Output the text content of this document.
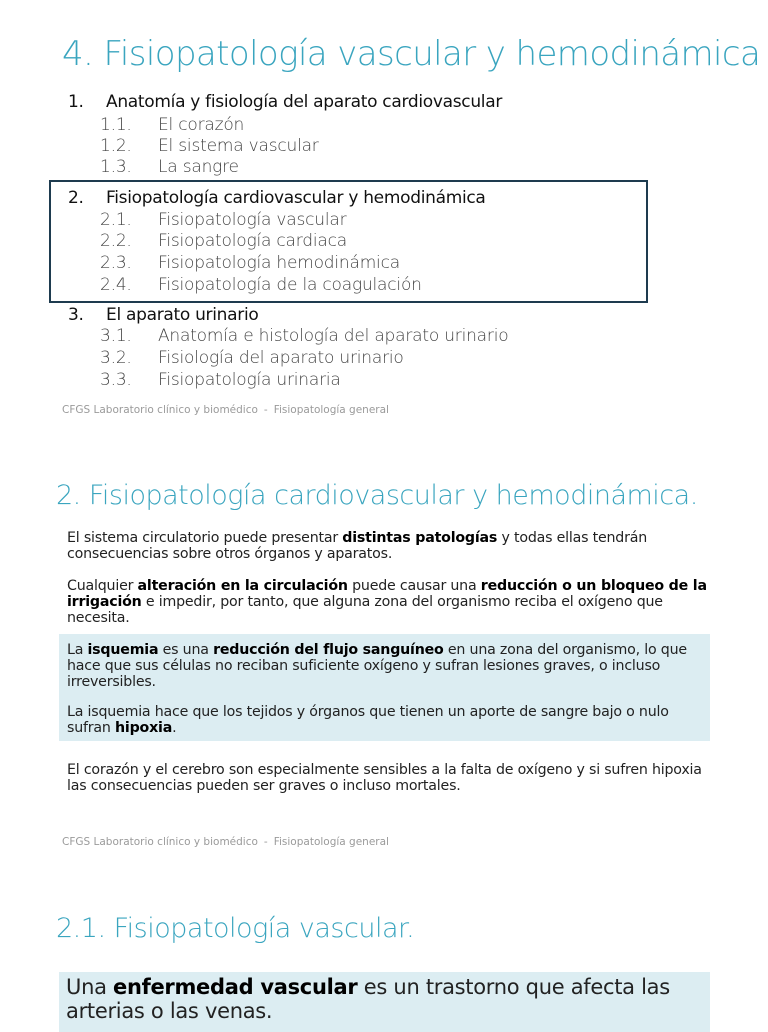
4. Fisiopatología vascular y hemodinámica
1. Anatomía y fisiología del aparato cardiovascular
1.1. El corazón
1.2. El sistema vascular
1.3. La sangre
2. Fisiopatología cardiovascular y hemodinámica
2.1. Fisiopatología vascular
2.2. Fisiopatología cardiaca
2.3. Fisiopatología hemodinámica
2.4. Fisiopatología de la coagulación
3. El aparato urinario
3.1. Anatomía e histología del aparato urinario
3.2. Fisiología del aparato urinario
3.3. Fisiopatología urinaria
CFGS Laboratorio clínico y biomédico - Fisiopatología general
2. Fisiopatología cardiovascular y hemodinámica.
El sistema circulatorio puede presentar distintas patologías y todas ellas tendrán consecuencias sobre otros órganos y aparatos.
Cualquier alteración en la circulación puede causar una reducción o un bloqueo de la irrigación e impedir, por tanto, que alguna zona del organismo reciba el oxígeno que necesita.
La isquemia es una reducción del flujo sanguíneo en una zona del organismo, lo que hace que sus células no reciban suficiente oxígeno y sufran lesiones graves, o incluso irreversibles.
La isquemia hace que los tejidos y órganos que tienen un aporte de sangre bajo o nulo sufran hipoxia.
El corazón y el cerebro son especialmente sensibles a la falta de oxígeno y si sufren hipoxia las consecuencias pueden ser graves o incluso mortales.
CFGS Laboratorio clínico y biomédico - Fisiopatología general
2.1. Fisiopatología vascular.
Una enfermedad vascular es un trastorno que afecta las arterias o las venas.
